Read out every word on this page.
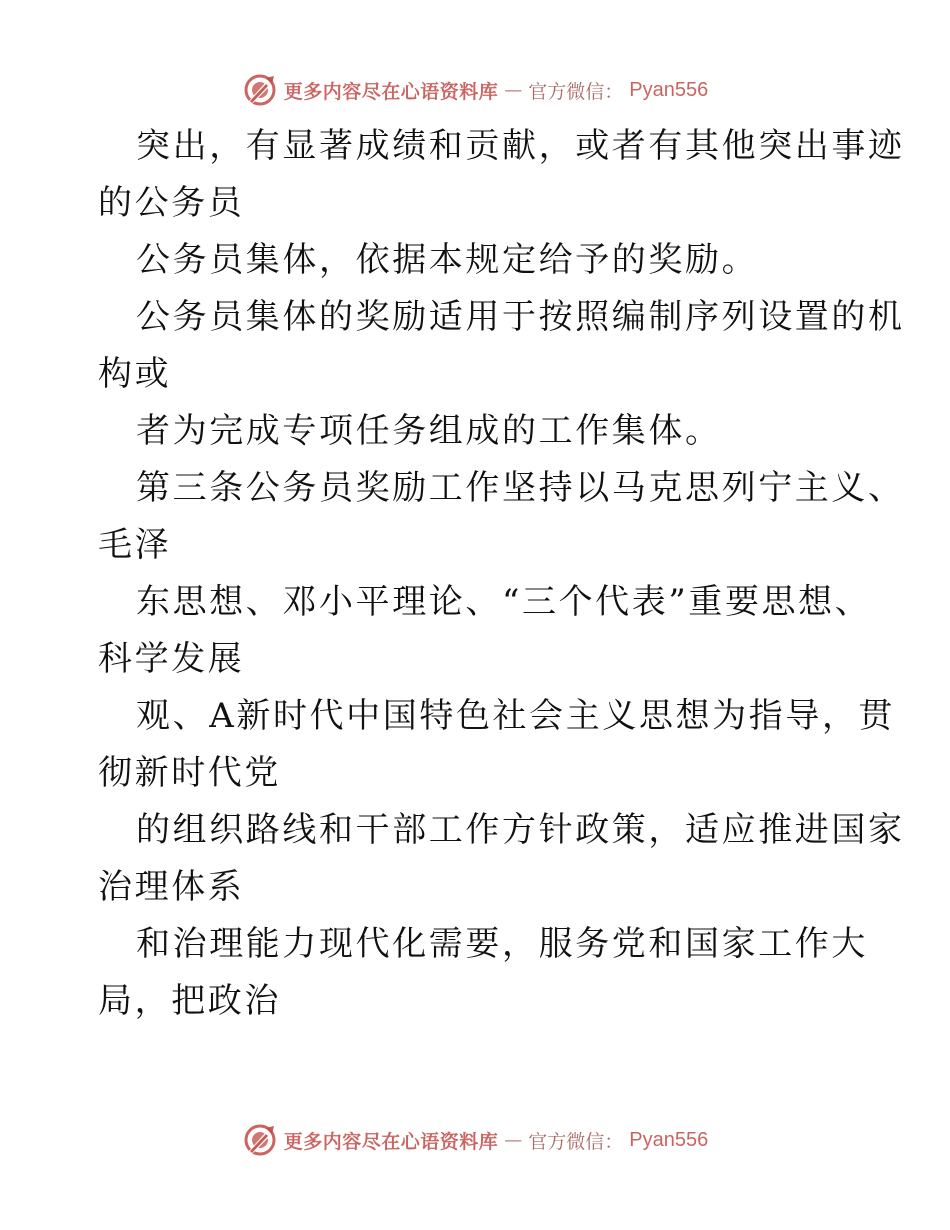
更多内容尽在心语资料库 — 官方微信： Pyan556
突出，有显著成绩和贡献，或者有其他突出事迹
的公务员
公务员集体，依据本规定给予的奖励。
公务员集体的奖励适用于按照编制序列设置的机
构或
者为完成专项任务组成的工作集体。
第三条公务员奖励工作坚持以马克思列宁主义、
毛泽
东思想、邓小平理论、“三个代表”重要思想、
科学发展
观、A新时代中国特色社会主义思想为指导，贯
彻新时代党
的组织路线和干部工作方针政策，适应推进国家
治理体系
和治理能力现代化需要，服务党和国家工作大
局，把政治
更多内容尽在心语资料库 — 官方微信： Pyan556
